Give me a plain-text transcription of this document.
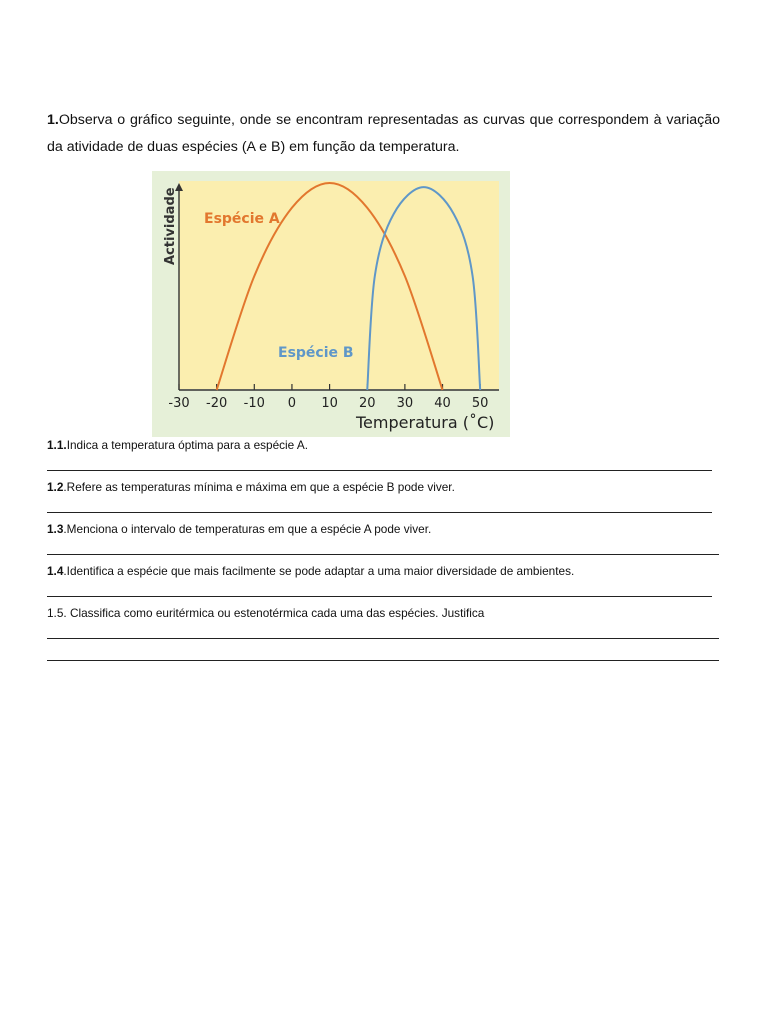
1.Observa o gráfico seguinte, onde se encontram representadas as curvas que correspondem à variação da atividade de duas espécies (A e B) em função da temperatura.
-30 -20 -10 0 10 20 30 40 50
Espécie A
Espécie B
Actividade
Temperatura (˚C)
1.1.Indica a temperatura óptima para a espécie A.
1.2.Refere as temperaturas mínima e máxima em que a espécie B pode viver.
1.3.Menciona o intervalo de temperaturas em que a espécie A pode viver.
1.4.Identifica a espécie que mais facilmente se pode adaptar a uma maior diversidade de ambientes.
1.5. Classifica como euritérmica ou estenotérmica cada uma das espécies. Justifica
